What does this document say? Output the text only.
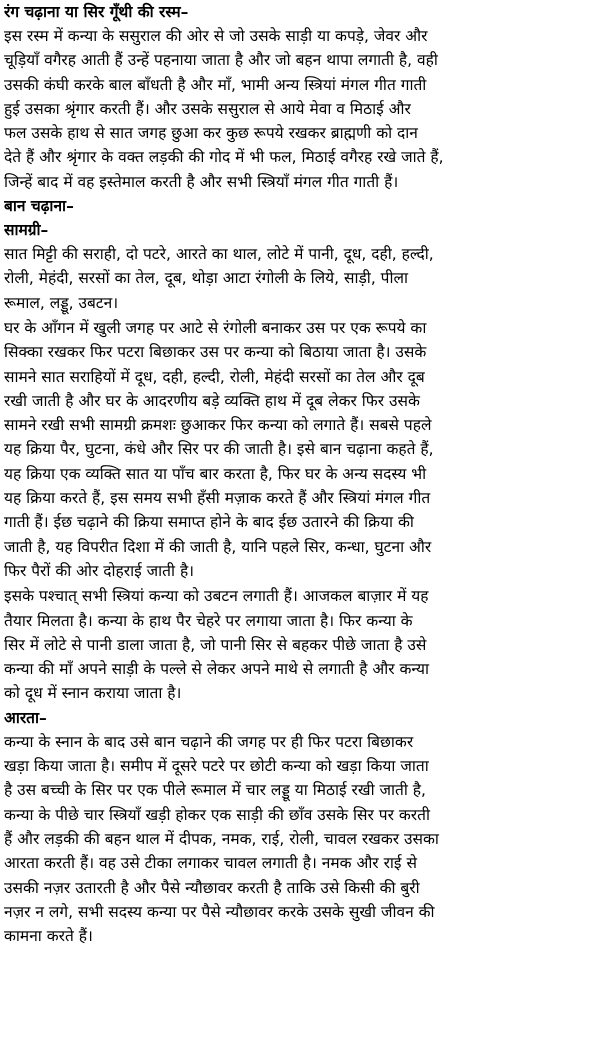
रंग चढ़ाना या सिर गूँथी की रस्म–
इस रस्म में कन्या के ससुराल की ओर से जो उसके साड़ी या कपड़े, जेवर और
चूड़ियाँ वगैरह आती हैं उन्हें पहनाया जाता है और जो बहन थापा लगाती है, वही
उसकी कंघी करके बाल बाँधती है और माँ, भामी अन्य स्त्रियां मंगल गीत गाती
हुई उसका श्रृंगार करती हैं। और उसके ससुराल से आये मेवा व मिठाई और
फल उसके हाथ से सात जगह छुआ कर कुछ रूपये रखकर ब्राह्मणी को दान
देते हैं और श्रृंगार के वक्त लड़की की गोद में भी फल, मिठाई वगैरह रखे जाते हैं,
जिन्हें बाद में वह इस्तेमाल करती है और सभी स्त्रियाँ मंगल गीत गाती हैं।
बान चढ़ाना–
सामग्री–
सात मिट्टी की सराही, दो पटरे, आरते का थाल, लोटे में पानी, दूध, दही, हल्दी,
रोली, मेहंदी, सरसों का तेल, दूब, थोड़ा आटा रंगोली के लिये, साड़ी, पीला
रूमाल, लड्डू, उबटन।
घर के आँगन में खुली जगह पर आटे से रंगोली बनाकर उस पर एक रूपये का
सिक्का रखकर फिर पटरा बिछाकर उस पर कन्या को बिठाया जाता है। उसके
सामने सात सराहियों में दूध, दही, हल्दी, रोली, मेहंदी सरसों का तेल और दूब
रखी जाती है और घर के आदरणीय बड़े व्यक्ति हाथ में दूब लेकर फिर उसके
सामने रखी सभी सामग्री क्रमशः छुआकर फिर कन्या को लगाते हैं। सबसे पहले
यह क्रिया पैर, घुटना, कंधे और सिर पर की जाती है। इसे बान चढ़ाना कहते हैं,
यह क्रिया एक व्यक्ति सात या पाँच बार करता है, फिर घर के अन्य सदस्य भी
यह क्रिया करते हैं, इस समय सभी हँसी मज़ाक करते हैं और स्त्रियां मंगल गीत
गाती हैं। ईछ चढ़ाने की क्रिया समाप्त होने के बाद ईछ उतारने की क्रिया की
जाती है, यह विपरीत दिशा में की जाती है, यानि पहले सिर, कन्धा, घुटना और
फिर पैरों की ओर दोहराई जाती है।
इसके पश्चात् सभी स्त्रियां कन्या को उबटन लगाती हैं। आजकल बाज़ार में यह
तैयार मिलता है। कन्या के हाथ पैर चेहरे पर लगाया जाता है। फिर कन्या के
सिर में लोटे से पानी डाला जाता है, जो पानी सिर से बहकर पीछे जाता है उसे
कन्या की माँ अपने साड़ी के पल्ले से लेकर अपने माथे से लगाती है और कन्या
को दूध में स्नान कराया जाता है।
आरता–
कन्या के स्नान के बाद उसे बान चढ़ाने की जगह पर ही फिर पटरा बिछाकर
खड़ा किया जाता है। समीप में दूसरे पटरे पर छोटी कन्या को खड़ा किया जाता
है उस बच्ची के सिर पर एक पीले रूमाल में चार लड्डू या मिठाई रखी जाती है,
कन्या के पीछे चार स्त्रियाँ खड़ी होकर एक साड़ी की छाँव उसके सिर पर करती
हैं और लड़की की बहन थाल में दीपक, नमक, राई, रोली, चावल रखकर उसका
आरता करती हैं। वह उसे टीका लगाकर चावल लगाती है। नमक और राई से
उसकी नज़र उतारती है और पैसे न्यौछावर करती है ताकि उसे किसी की बुरी
नज़र न लगे, सभी सदस्य कन्या पर पैसे न्यौछावर करके उसके सुखी जीवन की
कामना करते हैं।
